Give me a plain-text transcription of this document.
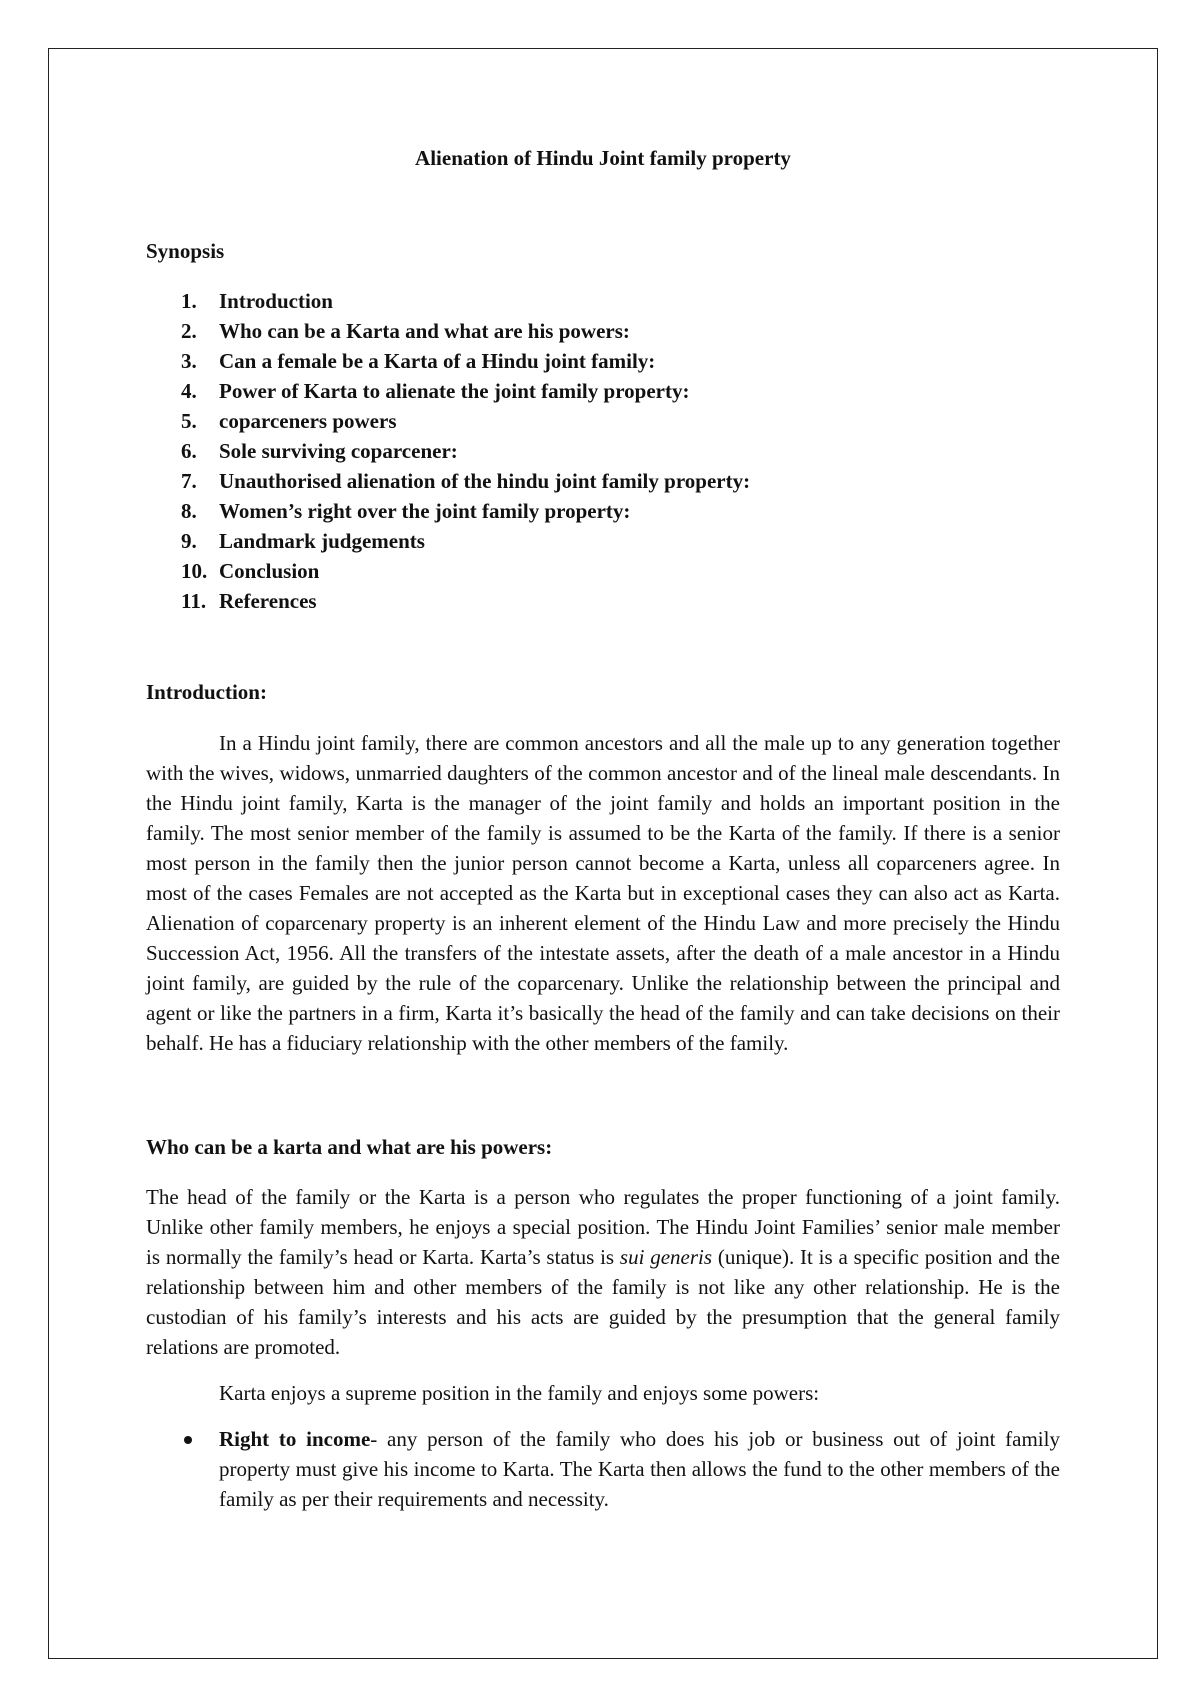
Alienation of Hindu Joint family property
Synopsis
1.	Introduction
2.	Who can be a Karta and what are his powers:
3.	Can a female be a Karta of a Hindu joint family:
4.	Power of Karta to alienate the joint family property:
5.	coparceners powers
6.	Sole surviving coparcener:
7.	Unauthorised alienation of the hindu joint family property:
8.	Women’s right over the joint family property:
9.	Landmark judgements
10. Conclusion
11. References
Introduction:

In a Hindu joint family, there are common ancestors and all the male up to any generation together with the wives, widows, unmarried daughters of the common ancestor and of the lineal male descendants. In the Hindu joint family, Karta is the manager of the joint family and holds an important position in the family. The most senior member of the family is assumed to be the Karta of the family. If there is a senior most person in the family then the junior person cannot become a Karta, unless all coparceners agree. In most of the cases Females are not accepted as the Karta but in exceptional cases they can also act as Karta. Alienation of coparcenary property is an inherent element of the Hindu Law and more precisely the Hindu Succession Act, 1956. All the transfers of the intestate assets, after the death of a male ancestor in a Hindu joint family, are guided by the rule of the coparcenary. Unlike the relationship between the principal and agent or like the partners in a firm, Karta it’s basically the head of the family and can take decisions on their behalf. He has a fiduciary relationship with the other members of the family.

Who can be a karta and what are his powers:

The head of the family or the Karta is a person who regulates the proper functioning of a joint family. Unlike other family members, he enjoys a special position. The Hindu Joint Families’ senior male member is normally the family’s head or Karta. Karta’s status is sui generis (unique). It is a specific position and the relationship between him and other members of the family is not like any other relationship. He is the custodian of his family’s interests and his acts are guided by the presumption that the general family relations are promoted.

Karta enjoys a supreme position in the family and enjoys some powers:

Right to income- any person of the family who does his job or business out of joint family property must give his income to Karta. The Karta then allows the fund to the other members of the family as per their requirements and necessity.
